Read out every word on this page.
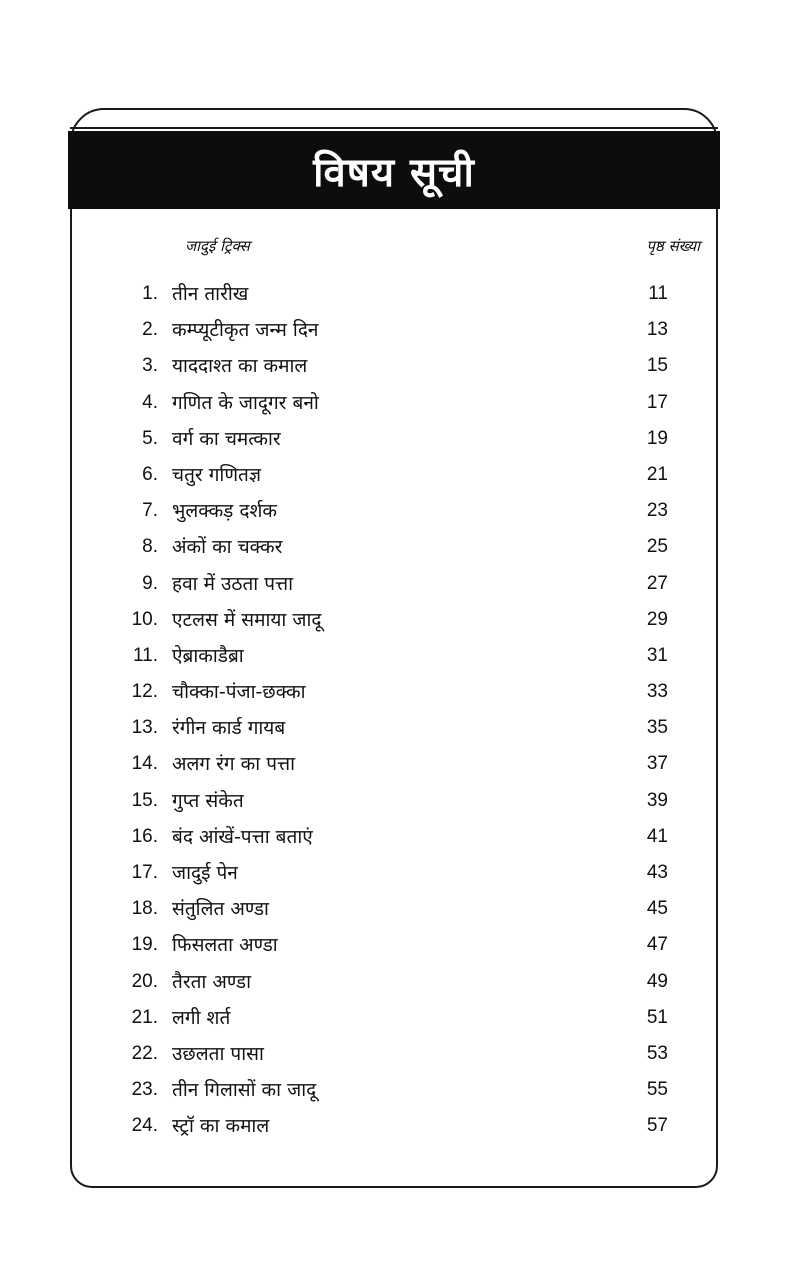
विषय सूची
जादुई ट्रिक्स	पृष्ठ संख्या
1. तीन तारीख	11
2. कम्प्यूटीकृत जन्म दिन	13
3. याददाश्त का कमाल	15
4. गणित के जादूगर बनो	17
5. वर्ग का चमत्कार	19
6. चतुर गणितज्ञ	21
7. भुलक्कड़ दर्शक	23
8. अंकों का चक्कर	25
9. हवा में उठता पत्ता	27
10. एटलस में समाया जादू	29
11. ऐब्राकाडैब्रा	31
12. चौक्का-पंजा-छक्का	33
13. रंगीन कार्ड गायब	35
14. अलग रंग का पत्ता	37
15. गुप्त संकेत	39
16. बंद आंखें-पत्ता बताएं	41
17. जादुई पेन	43
18. संतुलित अण्डा	45
19. फिसलता अण्डा	47
20. तैरता अण्डा	49
21. लगी शर्त	51
22. उछलता पासा	53
23. तीन गिलासों का जादू	55
24. स्ट्रॉ का कमाल	57
